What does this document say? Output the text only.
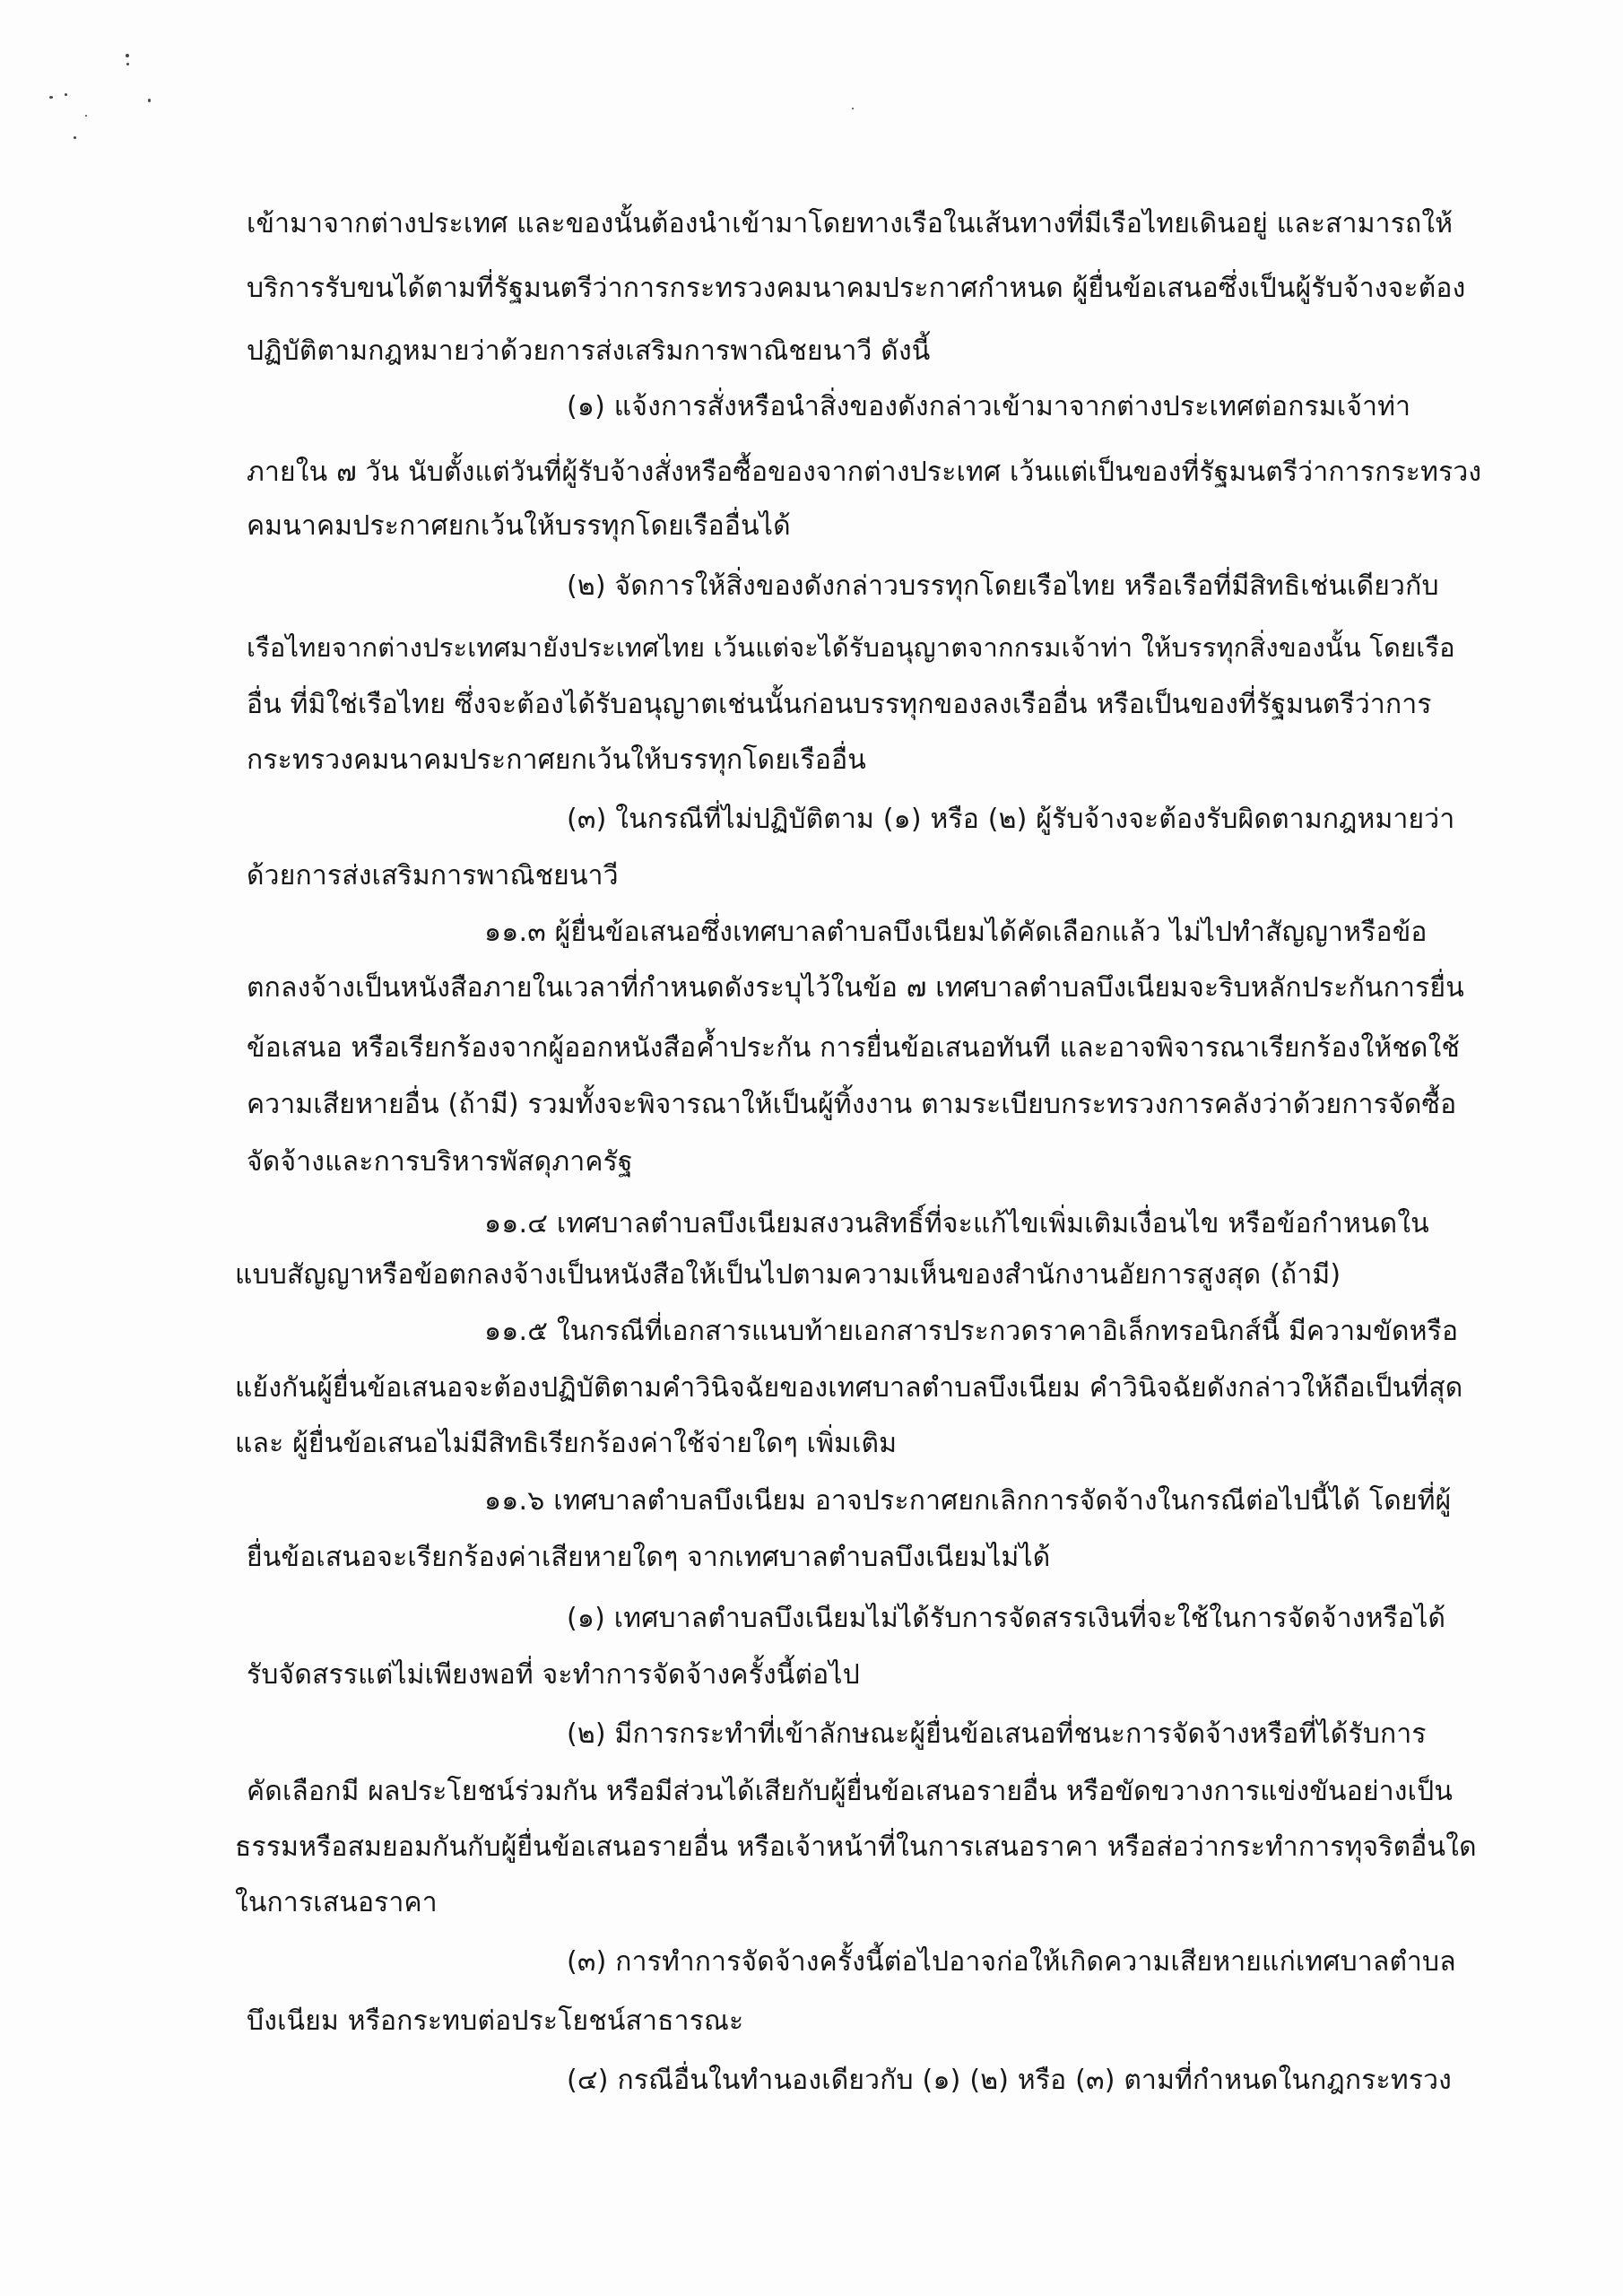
เข้ามาจากต่างประเทศ และของนั้นต้องนำเข้ามาโดยทางเรือในเส้นทางที่มีเรือไทยเดินอยู่ และสามารถให้
บริการรับขนได้ตามที่รัฐมนตรีว่าการกระทรวงคมนาคมประกาศกำหนด ผู้ยื่นข้อเสนอซึ่งเป็นผู้รับจ้างจะต้อง
ปฏิบัติตามกฎหมายว่าด้วยการส่งเสริมการพาณิชยนาวี ดังนี้
(๑) แจ้งการสั่งหรือนำสิ่งของดังกล่าวเข้ามาจากต่างประเทศต่อกรมเจ้าท่า
ภายใน ๗ วัน นับตั้งแต่วันที่ผู้รับจ้างสั่งหรือซื้อของจากต่างประเทศ เว้นแต่เป็นของที่รัฐมนตรีว่าการกระทรวง
คมนาคมประกาศยกเว้นให้บรรทุกโดยเรืออื่นได้
(๒) จัดการให้สิ่งของดังกล่าวบรรทุกโดยเรือไทย หรือเรือที่มีสิทธิเช่นเดียวกับ
เรือไทยจากต่างประเทศมายังประเทศไทย เว้นแต่จะได้รับอนุญาตจากกรมเจ้าท่า ให้บรรทุกสิ่งของนั้น โดยเรือ
อื่น ที่มิใช่เรือไทย ซึ่งจะต้องได้รับอนุญาตเช่นนั้นก่อนบรรทุกของลงเรืออื่น หรือเป็นของที่รัฐมนตรีว่าการ
กระทรวงคมนาคมประกาศยกเว้นให้บรรทุกโดยเรืออื่น
(๓) ในกรณีที่ไม่ปฏิบัติตาม (๑) หรือ (๒) ผู้รับจ้างจะต้องรับผิดตามกฎหมายว่า
ด้วยการส่งเสริมการพาณิชยนาวี
๑๑.๓ ผู้ยื่นข้อเสนอซึ่งเทศบาลตำบลบึงเนียมได้คัดเลือกแล้ว ไม่ไปทำสัญญาหรือข้อ
ตกลงจ้างเป็นหนังสือภายในเวลาที่กำหนดดังระบุไว้ในข้อ ๗ เทศบาลตำบลบึงเนียมจะริบหลักประกันการยื่น
ข้อเสนอ หรือเรียกร้องจากผู้ออกหนังสือค้ำประกัน การยื่นข้อเสนอทันที และอาจพิจารณาเรียกร้องให้ชดใช้
ความเสียหายอื่น (ถ้ามี) รวมทั้งจะพิจารณาให้เป็นผู้ทิ้งงาน ตามระเบียบกระทรวงการคลังว่าด้วยการจัดซื้อ
จัดจ้างและการบริหารพัสดุภาครัฐ
๑๑.๔ เทศบาลตำบลบึงเนียมสงวนสิทธิ์ที่จะแก้ไขเพิ่มเติมเงื่อนไข หรือข้อกำหนดใน
แบบสัญญาหรือข้อตกลงจ้างเป็นหนังสือให้เป็นไปตามความเห็นของสำนักงานอัยการสูงสุด (ถ้ามี)
๑๑.๕ ในกรณีที่เอกสารแนบท้ายเอกสารประกวดราคาอิเล็กทรอนิกส์นี้ มีความขัดหรือ
แย้งกันผู้ยื่นข้อเสนอจะต้องปฏิบัติตามคำวินิจฉัยของเทศบาลตำบลบึงเนียม คำวินิจฉัยดังกล่าวให้ถือเป็นที่สุด
และ ผู้ยื่นข้อเสนอไม่มีสิทธิเรียกร้องค่าใช้จ่ายใดๆ เพิ่มเติม
๑๑.๖ เทศบาลตำบลบึงเนียม อาจประกาศยกเลิกการจัดจ้างในกรณีต่อไปนี้ได้ โดยที่ผู้
ยื่นข้อเสนอจะเรียกร้องค่าเสียหายใดๆ จากเทศบาลตำบลบึงเนียมไม่ได้
(๑) เทศบาลตำบลบึงเนียมไม่ได้รับการจัดสรรเงินที่จะใช้ในการจัดจ้างหรือได้
รับจัดสรรแต่ไม่เพียงพอที่ จะทำการจัดจ้างครั้งนี้ต่อไป
(๒) มีการกระทำที่เข้าลักษณะผู้ยื่นข้อเสนอที่ชนะการจัดจ้างหรือที่ได้รับการ
คัดเลือกมี ผลประโยชน์ร่วมกัน หรือมีส่วนได้เสียกับผู้ยื่นข้อเสนอรายอื่น หรือขัดขวางการแข่งขันอย่างเป็น
ธรรมหรือสมยอมกันกับผู้ยื่นข้อเสนอรายอื่น หรือเจ้าหน้าที่ในการเสนอราคา หรือส่อว่ากระทำการทุจริตอื่นใด
ในการเสนอราคา
(๓) การทำการจัดจ้างครั้งนี้ต่อไปอาจก่อให้เกิดความเสียหายแก่เทศบาลตำบล
บึงเนียม หรือกระทบต่อประโยชน์สาธารณะ
(๔) กรณีอื่นในทำนองเดียวกับ (๑) (๒) หรือ (๓) ตามที่กำหนดในกฎกระทรวง
